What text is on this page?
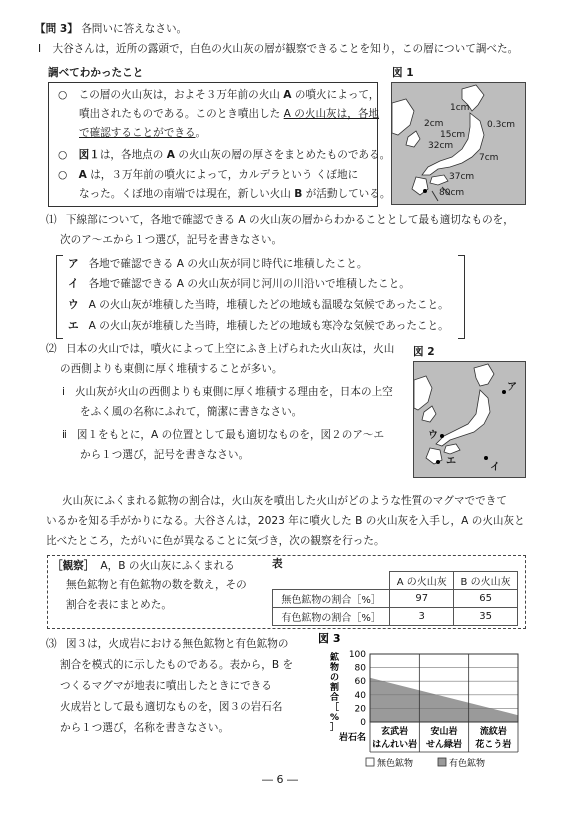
【問 3】 各問いに答えなさい。
Ⅰ 大谷さんは，近所の露頭で，白色の火山灰の層が観察できることを知り，この層について調べた。
調べてわかったこと
○ この層の火山灰は，およそ３万年前の火山 A の噴火によって，
噴出されたものである。このとき噴出した A の火山灰は，各地
で確認することができる。
○ 図１は，各地点の A の火山灰の層の厚さをまとめたものである。
○ A は，３万年前の噴火によって，カルデラという くぼ地に
なった。くぼ地の南端では現在，新しい火山 B が活動している。
図 1
1cm
2cm	0.3cm
15cm
32cm
7cm
37cm
80cm
⑴ 下線部について，各地で確認できる A の火山灰の層からわかることとして最も適切なものを，
次のア～エから１つ選び，記号を書きなさい。
ア 各地で確認できる A の火山灰が同じ時代に堆積したこと。
イ 各地で確認できる A の火山灰が同じ河川の川沿いで堆積したこと。
ウ A の火山灰が堆積した当時，堆積したどの地域も温暖な気候であったこと。
エ A の火山灰が堆積した当時，堆積したどの地域も寒冷な気候であったこと。
⑵ 日本の火山では，噴火によって上空にふき上げられた火山灰は，火山
の西側よりも東側に厚く堆積することが多い。
ⅰ 火山灰が火山の西側よりも東側に厚く堆積する理由を，日本の上空
をふく風の名称にふれて，簡潔に書きなさい。
ⅱ 図１をもとに，A の位置として最も適切なものを，図２のア～エ
から１つ選び，記号を書きなさい。
図 2
ア
イ
ウ
エ
火山灰にふくまれる鉱物の割合は，火山灰を噴出した火山がどのような性質のマグマでできて
いるかを知る手がかりになる。大谷さんは，2023 年に噴火した B の火山灰を入手し，A の火山灰と
比べたところ，たがいに色が異なることに気づき，次の観察を行った。
［観察］ A，B の火山灰にふくまれる
無色鉱物と有色鉱物の数を数え，その
割合を表にまとめた。
表
	A の火山灰	B の火山灰
無色鉱物の割合［%］	97	65
有色鉱物の割合［%］	3	35
⑶ 図３は，火成岩における無色鉱物と有色鉱物の
割合を模式的に示したものである。表から，B を
つくるマグマが地表に噴出したときにできる
火成岩として最も適切なものを，図３の岩石名
から１つ選び，名称を書きなさい。
図 3
0
20
40
60
80
100
鉱物の割合［%］
岩石名
玄武岩
はんれい岩
安山岩
せん緑岩
流紋岩
花こう岩
無色鉱物	有色鉱物
― 6 ―
